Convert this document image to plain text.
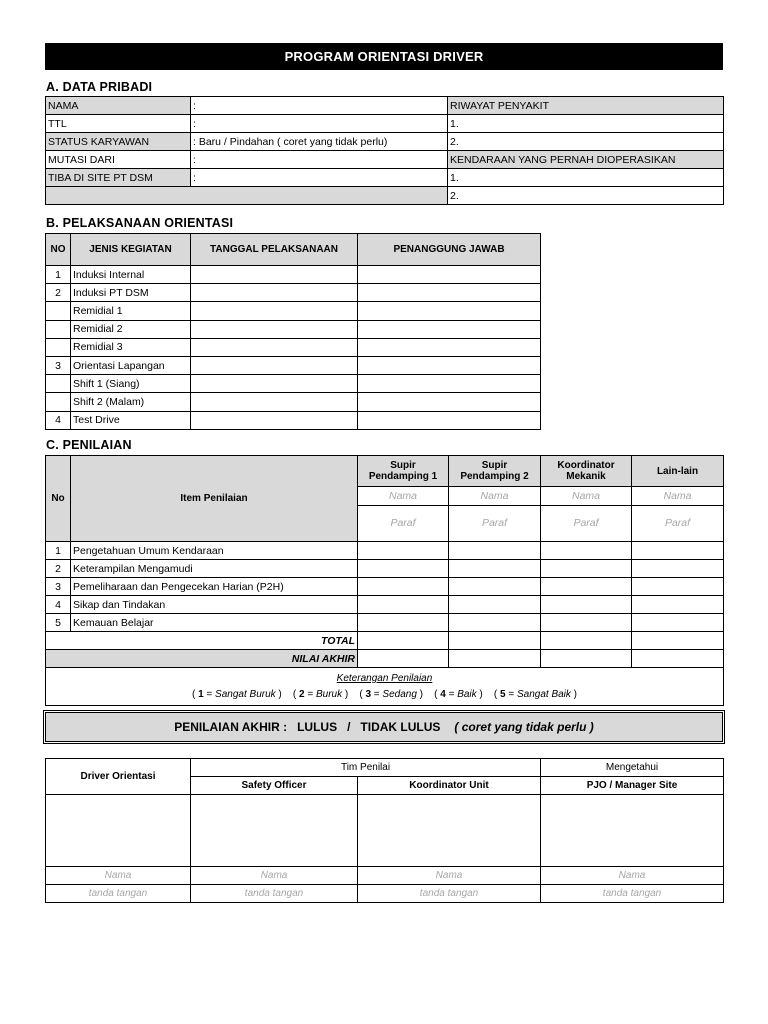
PROGRAM ORIENTASI DRIVER
A. DATA PRIBADI
NAMA	:	RIWAYAT PENYAKIT
TTL	:	1.
STATUS KARYAWAN	: Baru / Pindahan ( coret yang tidak perlu)	2.
MUTASI DARI	:	KENDARAAN YANG PERNAH DIOPERASIKAN
TIBA DI SITE PT DSM	:	1.
		2.
B. PELAKSANAAN ORIENTASI
NO	JENIS KEGIATAN	TANGGAL PELAKSANAAN	PENANGGUNG JAWAB
1	Induksi Internal		
2	Induksi PT DSM		
	Remidial 1		
	Remidial 2		
	Remidial 3		
3	Orientasi Lapangan		
	Shift 1 (Siang)		
	Shift 2 (Malam)		
4	Test Drive		
C. PENILAIAN
No	Item Penilaian	Supir Pendamping 1	Supir Pendamping 2	Koordinator Mekanik	Lain-lain
		Nama	Nama	Nama	Nama
		Paraf	Paraf	Paraf	Paraf
1	Pengetahuan Umum Kendaraan				
2	Keterampilan Mengamudi				
3	Pemeliharaan dan Pengecekan Harian (P2H)				
4	Sikap dan Tindakan				
5	Kemauan Belajar				
TOTAL					
NILAI AKHIR					

Keterangan Penilaian
( 1 = Sangat Buruk ) ( 2 = Buruk ) ( 3 = Sedang ) ( 4 = Baik ) ( 5 = Sangat Baik )					
PENILAIAN AKHIR :   LULUS   /   TIDAK LULUS ( coret yang tidak perlu )
Driver Orientasi	Tim Penilai		Mengetahui
	Safety Officer	Koordinator Unit	PJO / Manager Site

Nama	Nama	Nama	Nama
tanda tangan	tanda tangan	tanda tangan	tanda tangan
